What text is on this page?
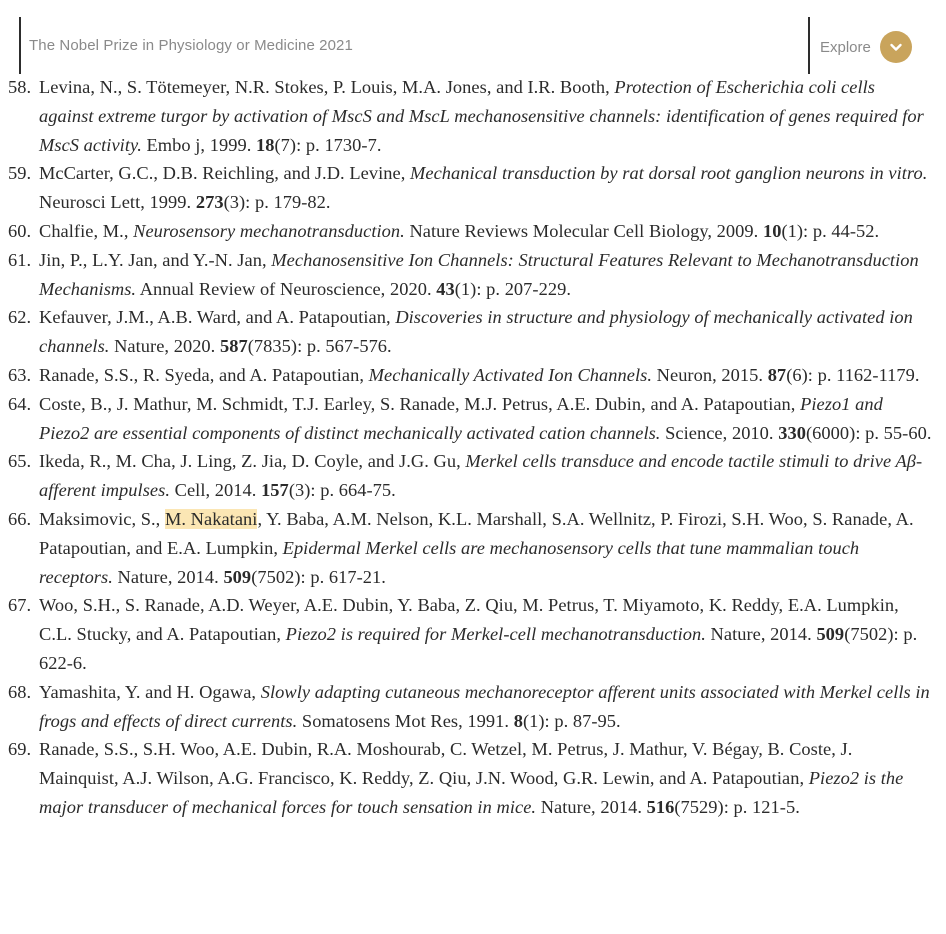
The Nobel Prize in Physiology or Medicine 2021	Explore
58. Levina, N., S. Tötemeyer, N.R. Stokes, P. Louis, M.A. Jones, and I.R. Booth, Protection of Escherichia coli cells against extreme turgor by activation of MscS and MscL mechanosensitive channels: identification of genes required for MscS activity. Embo j, 1999. 18(7): p. 1730-7.
59. McCarter, G.C., D.B. Reichling, and J.D. Levine, Mechanical transduction by rat dorsal root ganglion neurons in vitro. Neurosci Lett, 1999. 273(3): p. 179-82.
60. Chalfie, M., Neurosensory mechanotransduction. Nature Reviews Molecular Cell Biology, 2009. 10(1): p. 44-52.
61. Jin, P., L.Y. Jan, and Y.-N. Jan, Mechanosensitive Ion Channels: Structural Features Relevant to Mechanotransduction Mechanisms. Annual Review of Neuroscience, 2020. 43(1): p. 207-229.
62. Kefauver, J.M., A.B. Ward, and A. Patapoutian, Discoveries in structure and physiology of mechanically activated ion channels. Nature, 2020. 587(7835): p. 567-576.
63. Ranade, S.S., R. Syeda, and A. Patapoutian, Mechanically Activated Ion Channels. Neuron, 2015. 87(6): p. 1162-1179.
64. Coste, B., J. Mathur, M. Schmidt, T.J. Earley, S. Ranade, M.J. Petrus, A.E. Dubin, and A. Patapoutian, Piezo1 and Piezo2 are essential components of distinct mechanically activated cation channels. Science, 2010. 330(6000): p. 55-60.
65. Ikeda, R., M. Cha, J. Ling, Z. Jia, D. Coyle, and J.G. Gu, Merkel cells transduce and encode tactile stimuli to drive Aβ-afferent impulses. Cell, 2014. 157(3): p. 664-75.
66. Maksimovic, S., M. Nakatani, Y. Baba, A.M. Nelson, K.L. Marshall, S.A. Wellnitz, P. Firozi, S.H. Woo, S. Ranade, A. Patapoutian, and E.A. Lumpkin, Epidermal Merkel cells are mechanosensory cells that tune mammalian touch receptors. Nature, 2014. 509(7502): p. 617-21.
67. Woo, S.H., S. Ranade, A.D. Weyer, A.E. Dubin, Y. Baba, Z. Qiu, M. Petrus, T. Miyamoto, K. Reddy, E.A. Lumpkin, C.L. Stucky, and A. Patapoutian, Piezo2 is required for Merkel-cell mechanotransduction. Nature, 2014. 509(7502): p. 622-6.
68. Yamashita, Y. and H. Ogawa, Slowly adapting cutaneous mechanoreceptor afferent units associated with Merkel cells in frogs and effects of direct currents. Somatosens Mot Res, 1991. 8(1): p. 87-95.
69. Ranade, S.S., S.H. Woo, A.E. Dubin, R.A. Moshourab, C. Wetzel, M. Petrus, J. Mathur, V. Bégay, B. Coste, J. Mainquist, A.J. Wilson, A.G. Francisco, K. Reddy, Z. Qiu, J.N. Wood, G.R. Lewin, and A. Patapoutian, Piezo2 is the major transducer of mechanical forces for touch sensation in mice. Nature, 2014. 516(7529): p. 121-5.
